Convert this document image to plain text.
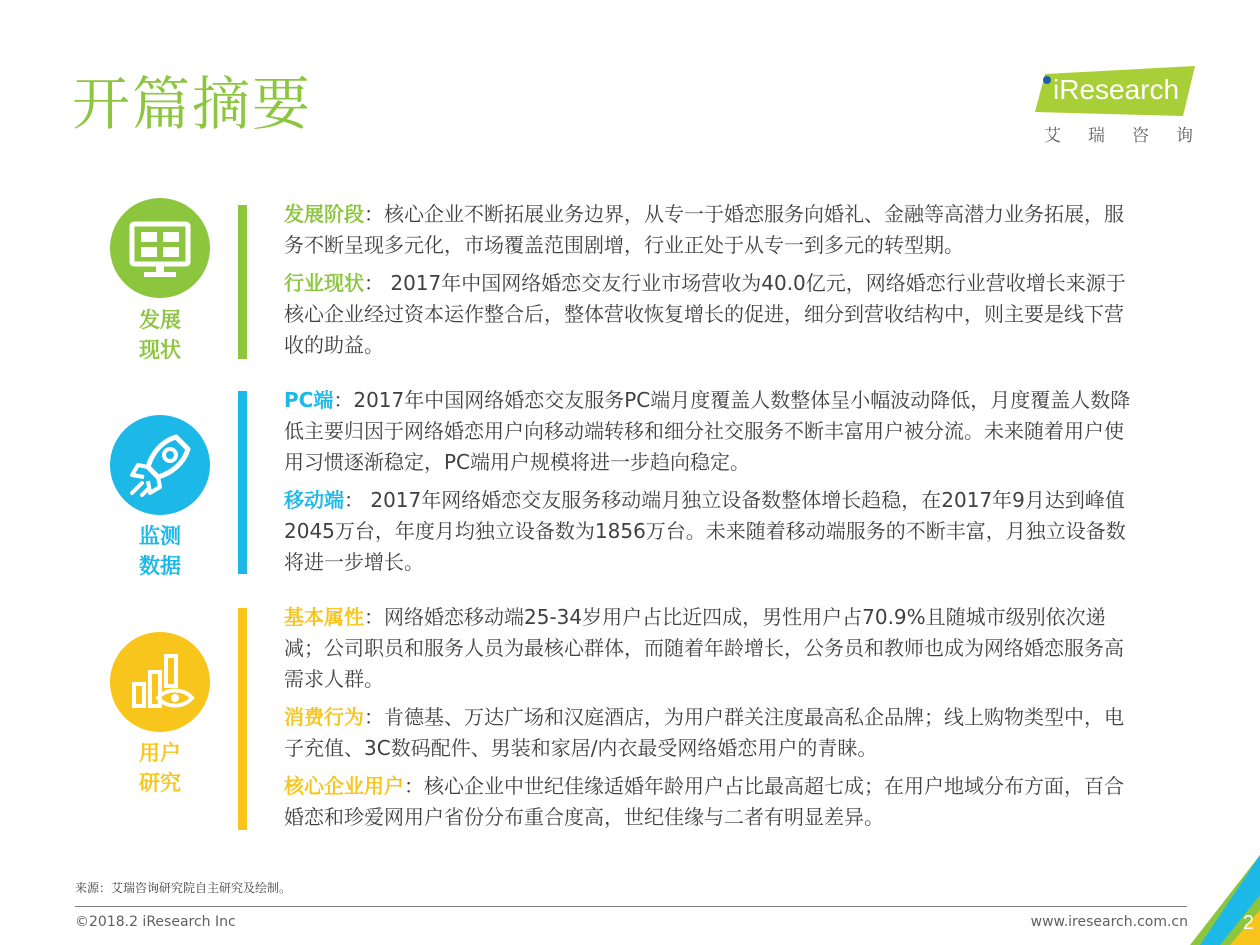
开篇摘要	iResearch
艾瑞咨询
发展
现状

发展阶段：核心企业不断拓展业务边界，从专一于婚恋服务向婚礼、金融等高潜力业务拓展，服务不断呈现多元化，市场覆盖范围剧增，行业正处于从专一到多元的转型期。

行业现状： 2017年中国网络婚恋交友行业市场营收为40.0亿元，网络婚恋行业营收增长来源于核心企业经过资本运作整合后，整体营收恢复增长的促进，细分到营收结构中，则主要是线下营收的助益。

监测
数据

PC端：2017年中国网络婚恋交友服务PC端月度覆盖人数整体呈小幅波动降低，月度覆盖人数降低主要归因于网络婚恋用户向移动端转移和细分社交服务不断丰富用户被分流。未来随着用户使用习惯逐渐稳定，PC端用户规模将进一步趋向稳定。

移动端： 2017年网络婚恋交友服务移动端月独立设备数整体增长趋稳，在2017年9月达到峰值2045万台，年度月均独立设备数为1856万台。未来随着移动端服务的不断丰富，月独立设备数将进一步增长。

用户
研究

基本属性：网络婚恋移动端25-34岁用户占比近四成，男性用户占70.9%且随城市级别依次递减；公司职员和服务人员为最核心群体，而随着年龄增长，公务员和教师也成为网络婚恋服务高需求人群。

消费行为：肯德基、万达广场和汉庭酒店，为用户群关注度最高私企品牌；线上购物类型中，电子充值、3C数码配件、男装和家居/内衣最受网络婚恋用户的青睐。

核心企业用户：核心企业中世纪佳缘适婚年龄用户占比最高超七成；在用户地域分布方面，百合婚恋和珍爱网用户省份分布重合度高，世纪佳缘与二者有明显差异。

来源：艾瑞咨询研究院自主研究及绘制。
©2018.2 iResearch Inc	www.iresearch.com.cn	2
